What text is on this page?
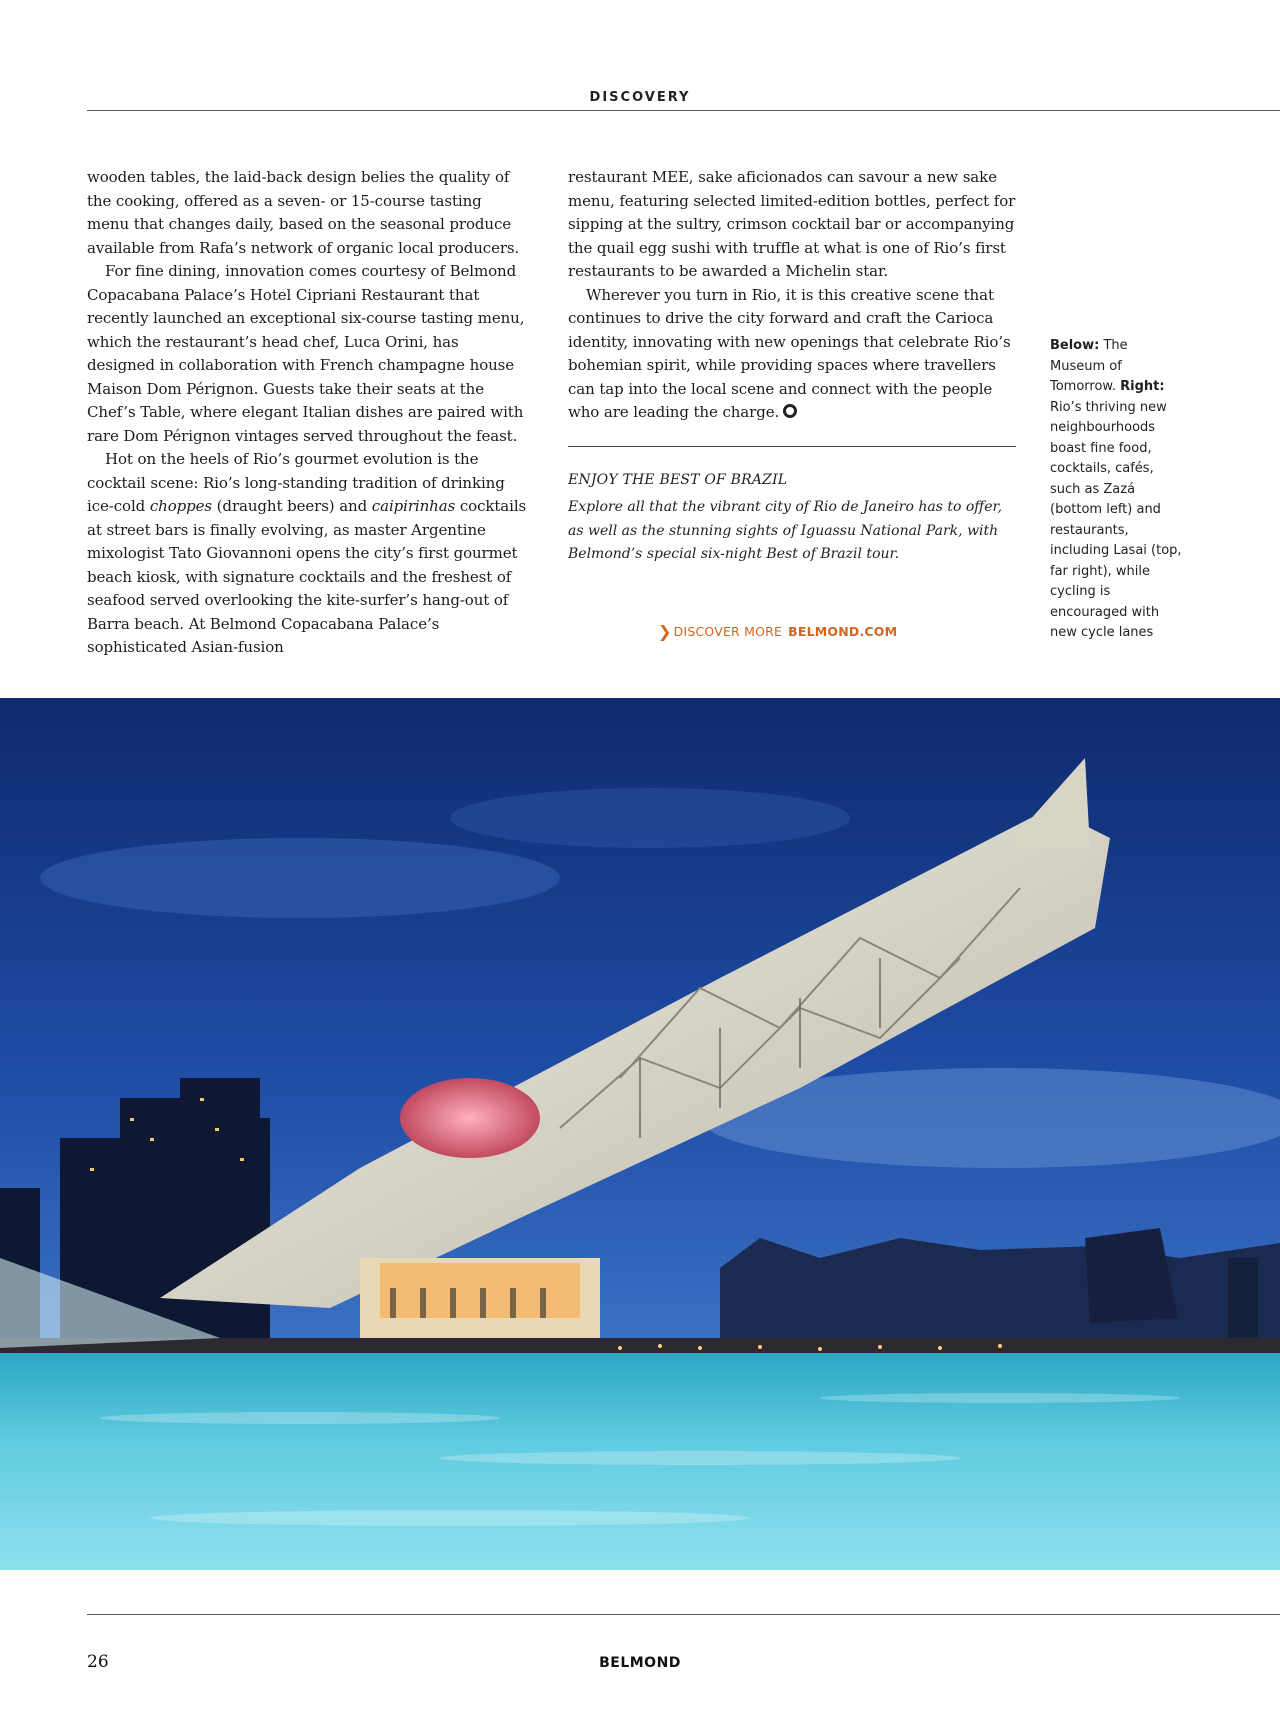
DISCOVERY

wooden tables, the laid-back design belies the quality of the cooking, offered as a seven- or 15-course tasting menu that changes daily, based on the seasonal produce available from Rafa’s network of organic local producers.

For fine dining, innovation comes courtesy of Belmond Copacabana Palace’s Hotel Cipriani Restaurant that recently launched an exceptional six-course tasting menu, which the restaurant’s head chef, Luca Orini, has designed in collaboration with French champagne house Maison Dom Pérignon. Guests take their seats at the Chef’s Table, where elegant Italian dishes are paired with rare Dom Pérignon vintages served throughout the feast.

Hot on the heels of Rio’s gourmet evolution is the cocktail scene: Rio’s long-standing tradition of drinking ice-cold choppes (draught beers) and caipirinhas cocktails at street bars is finally evolving, as master Argentine mixologist Tato Giovannoni opens the city’s first gourmet beach kiosk, with signature cocktails and the freshest of seafood served overlooking the kite-surfer’s hang-out of Barra beach. At Belmond Copacabana Palace’s sophisticated Asian-fusion

restaurant MEE, sake aficionados can savour a new sake menu, featuring selected limited-edition bottles, perfect for sipping at the sultry, crimson cocktail bar or accompanying the quail egg sushi with truffle at what is one of Rio’s first restaurants to be awarded a Michelin star.

Wherever you turn in Rio, it is this creative scene that continues to drive the city forward and craft the Carioca identity, innovating with new openings that celebrate Rio’s bohemian spirit, while providing spaces where travellers can tap into the local scene and connect with the people who are leading the charge.

ENJOY THE BEST OF BRAZIL
Explore all that the vibrant city of Rio de Janeiro has to offer, as well as the stunning sights of Iguassu National Park, with Belmond’s special six-night Best of Brazil tour.
❯ DISCOVER MORE BELMOND.COM
Below: The Museum of Tomorrow. Right: Rio’s thriving new neighbourhoods boast fine food, cocktails, cafés, such as Zazá (bottom left) and restaurants, including Lasai (top, far right), while cycling is encouraged with new cycle lanes
26	BELMOND
